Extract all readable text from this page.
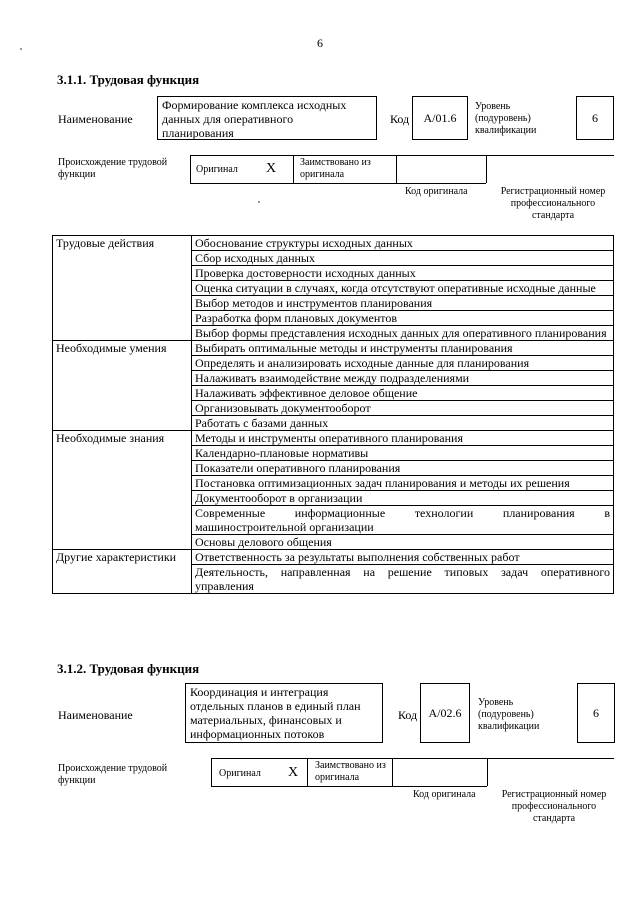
6
3.1.1. Трудовая функция
Наименование
Формирование комплекса исходных
данных для оперативного
планирования
Код	А/01.6
Уровень
(подуровень)
квалификации
6
Происхождение трудовой
функции	Оригинал X Заимствовано из
оригинала
Код оригинала	Регистрационный номер
профессионального
стандарта
Трудовые действия	Обоснование структуры исходных данных
	Сбор исходных данных
	Проверка достоверности исходных данных
	Оценка ситуации в случаях, когда отсутствуют оперативные исходные данные
	Выбор методов и инструментов планирования
	Разработка форм плановых документов
	Выбор формы представления исходных данных для оперативного планирования
Необходимые умения	Выбирать оптимальные методы и инструменты планирования
	Определять и анализировать исходные данные для планирования
	Налаживать взаимодействие между подразделениями
	Налаживать эффективное деловое общение
	Организовывать документооборот
	Работать с базами данных
Необходимые знания	Методы и инструменты оперативного планирования
	Календарно-плановые нормативы
	Показатели оперативного планирования
	Постановка оптимизационных задач планирования и методы их решения
	Документооборот в организации
	Современные информационные технологии планирования в машиностроительной организации
	Основы делового общения
Другие характеристики	Ответственность за результаты выполнения собственных работ
	Деятельность, направленная на решение типовых задач оперативного управления
3.1.2. Трудовая функция
Наименование
Координация и интеграция
отдельных планов в единый план
материальных, финансовых и
информационных потоков
Код А/02.6
Уровень
(подуровень)
квалификации
6
Происхождение трудовой
функции
Оригинал X Заимствовано из
оригинала
Код оригинала	Регистрационный номер
профессионального
стандарта
